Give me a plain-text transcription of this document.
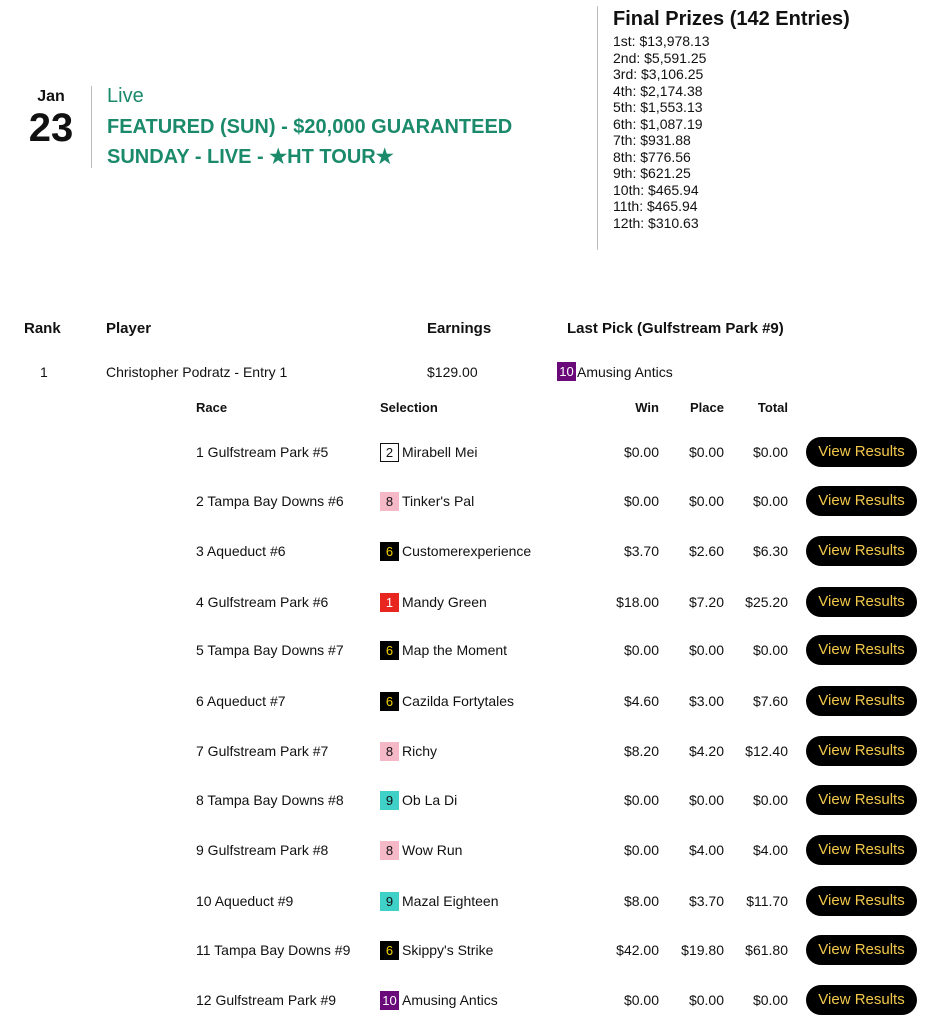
Jan
23
Live
FEATURED (SUN) - $20,000 GUARANTEED
SUNDAY - LIVE - ★HT TOUR★
Final Prizes (142 Entries)
1st: $13,978.13
2nd: $5,591.25
3rd: $3,106.25
4th: $2,174.38
5th: $1,553.13
6th: $1,087.19
7th: $931.88
8th: $776.56
9th: $621.25
10th: $465.94
11th: $465.94
12th: $310.63
Rank	Player	Earnings	Last Pick (Gulfstream Park #9)
1	Christopher Podratz - Entry 1	$129.00	10 Amusing Antics
Race	Selection	Win Place	Total
1 Gulfstream Park #5	2 Mirabell Mei	$0.00 $0.00 $0.00	View Results
2 Tampa Bay Downs #6	8 Tinker's Pal	$0.00 $0.00 $0.00	View Results
3 Aqueduct #6	6 Customerexperience	$3.70 $2.60 $6.30	View Results
4 Gulfstream Park #6	1 Mandy Green	$18.00 $7.20 $25.20	View Results
5 Tampa Bay Downs #7	6 Map the Moment	$0.00 $0.00 $0.00	View Results
6 Aqueduct #7	6 Cazilda Fortytales	$4.60 $3.00 $7.60	View Results
7 Gulfstream Park #7	8 Richy	$8.20 $4.20 $12.40	View Results
8 Tampa Bay Downs #8	9 Ob La Di	$0.00 $0.00 $0.00	View Results
9 Gulfstream Park #8	8 Wow Run	$0.00 $4.00 $4.00	View Results
10 Aqueduct #9	9 Mazal Eighteen	$8.00 $3.70 $11.70	View Results
11 Tampa Bay Downs #9	6 Skippy's Strike	$42.00 $19.80 $61.80	View Results
12 Gulfstream Park #9	10 Amusing Antics	$0.00 $0.00 $0.00	View Results
